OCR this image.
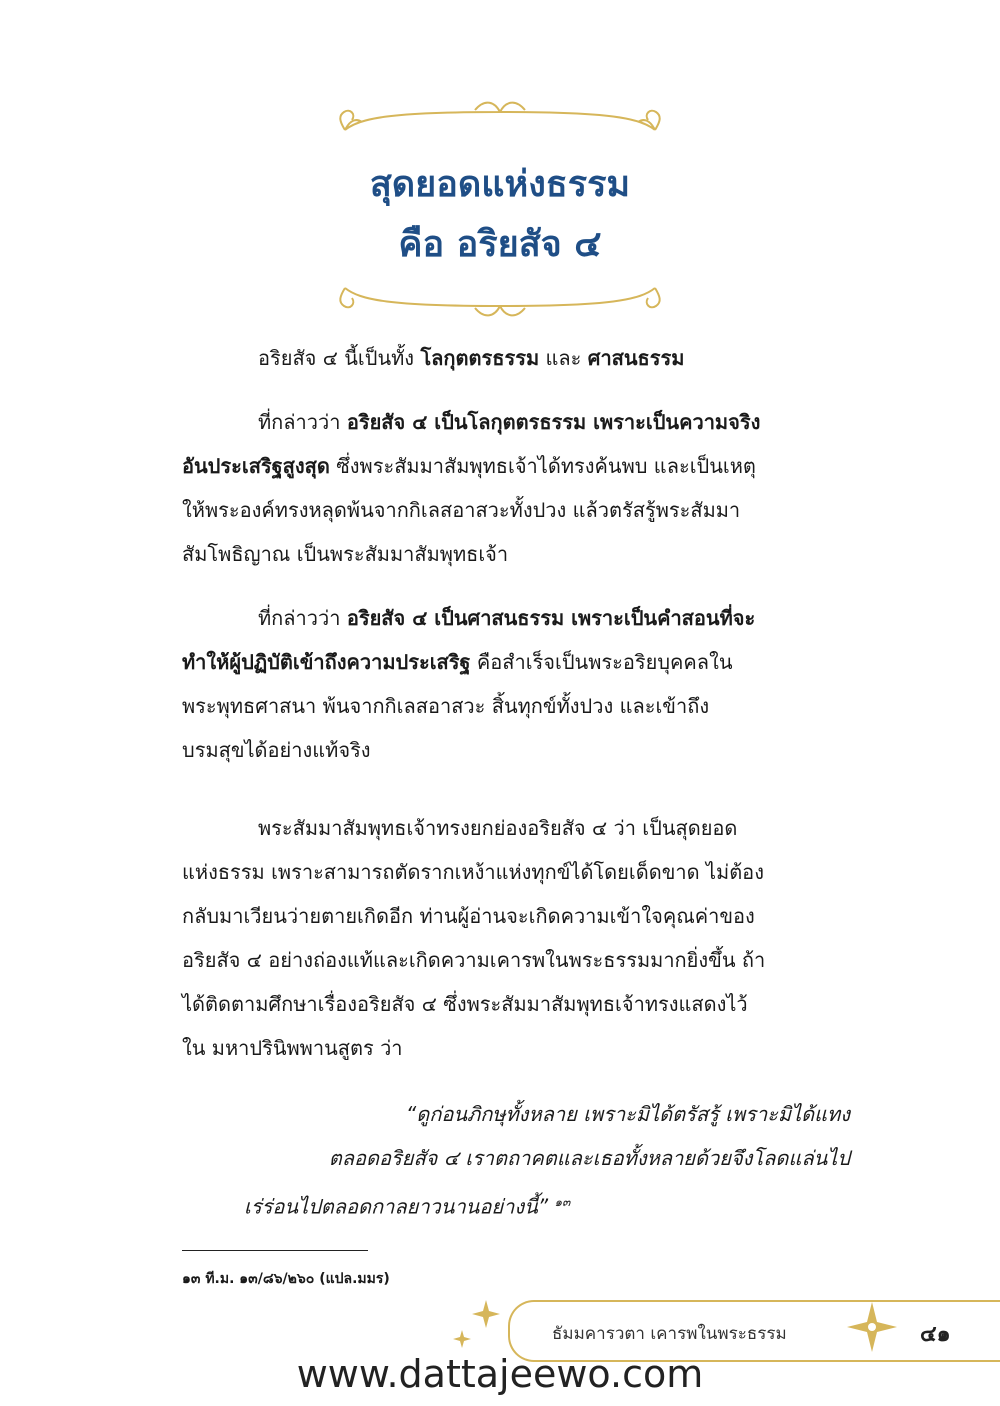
สุดยอดแห่งธรรม
คือ อริยสัจ ๔
อริยสัจ ๔ นี้เป็นทั้ง โลกุตตรธรรม และ ศาสนธรรม
ที่กล่าวว่า อริยสัจ ๔ เป็นโลกุตตรธรรม เพราะเป็นความจริง
อันประเสริฐสูงสุด ซึ่งพระสัมมาสัมพุทธเจ้าได้ทรงค้นพบ และเป็นเหตุ
ให้พระองค์ทรงหลุดพ้นจากกิเลสอาสวะทั้งปวง แล้วตรัสรู้พระสัมมา
สัมโพธิญาณ เป็นพระสัมมาสัมพุทธเจ้า
ที่กล่าวว่า อริยสัจ ๔ เป็นศาสนธรรม เพราะเป็นคำสอนที่จะ
ทำให้ผู้ปฏิบัติเข้าถึงความประเสริฐ คือสำเร็จเป็นพระอริยบุคคลใน
พระพุทธศาสนา พ้นจากกิเลสอาสวะ สิ้นทุกข์ทั้งปวง และเข้าถึง
บรมสุขได้อย่างแท้จริง
พระสัมมาสัมพุทธเจ้าทรงยกย่องอริยสัจ ๔ ว่า เป็นสุดยอด
แห่งธรรม เพราะสามารถตัดรากเหง้าแห่งทุกข์ได้โดยเด็ดขาด ไม่ต้อง
กลับมาเวียนว่ายตายเกิดอีก ท่านผู้อ่านจะเกิดความเข้าใจคุณค่าของ
อริยสัจ ๔ อย่างถ่องแท้และเกิดความเคารพในพระธรรมมากยิ่งขึ้น ถ้า
ได้ติดตามศึกษาเรื่องอริยสัจ ๔ ซึ่งพระสัมมาสัมพุทธเจ้าทรงแสดงไว้
ใน มหาปรินิพพานสูตร ว่า
“ดูก่อนภิกษุทั้งหลาย เพราะมิได้ตรัสรู้ เพราะมิได้แทง
ตลอดอริยสัจ ๔ เราตถาคตและเธอทั้งหลายด้วยจึงโลดแล่นไป
เร่ร่อนไปตลอดกาลยาวนานอย่างนี้” $^{๑๓}$
๑๓ ที.ม. ๑๓/๘๖/๒๖๐ (แปล.มมร)
ธัมมคารวตา เคารพในพระธรรม	๔๑
www.dattajeewo.com
